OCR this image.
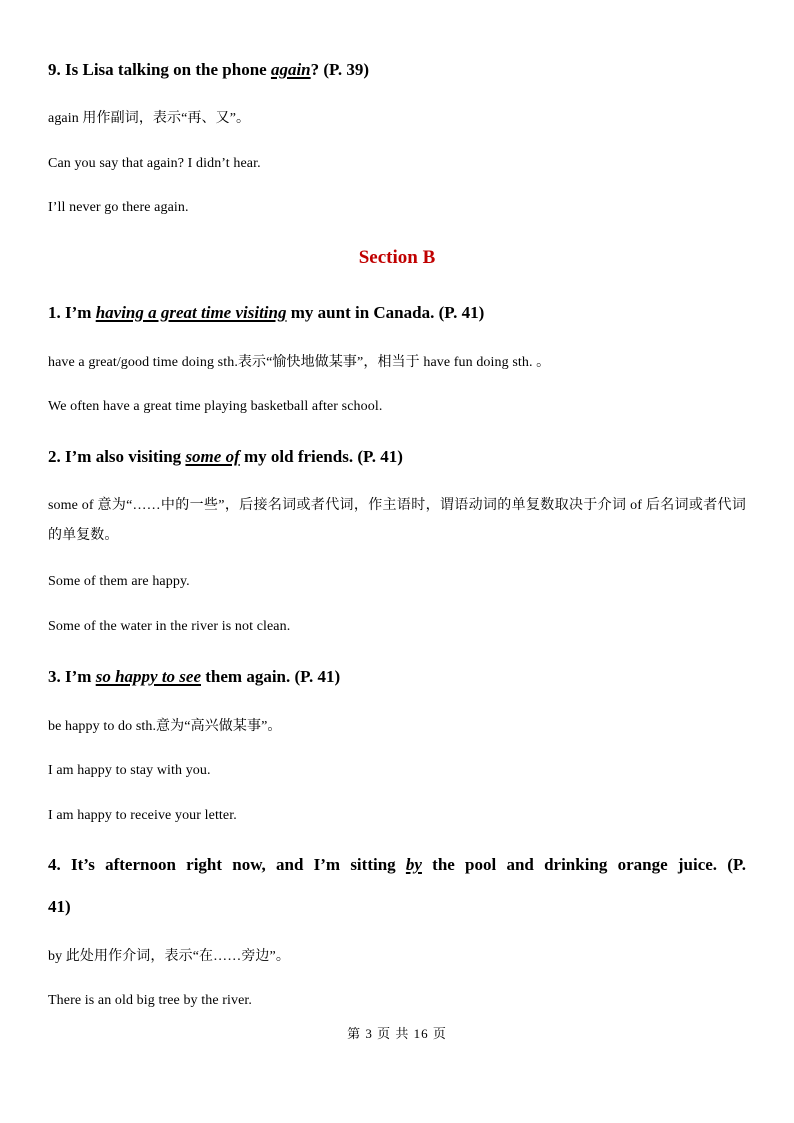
9. Is Lisa talking on the phone again? (P. 39)
again 用作副词，表示“再、又”。
Can you say that again? I didn’t hear.
I’ll never go there again.
Section B
1. I’m having a great time visiting my aunt in Canada. (P. 41)
have a great/good time doing sth.表示“愉快地做某事”，相当于 have fun doing sth. 。
We often have a great time playing basketball after school.
2. I’m also visiting some of my old friends. (P. 41)
some of 意为“……中的一些”，后接名词或者代词，作主语时，谓语动词的单复数取决于介词 of 后名词或者代词的单复数。
Some of them are happy.
Some of the water in the river is not clean.
3. I’m so happy to see them again. (P. 41)
be happy to do sth.意为“高兴做某事”。
I am happy to stay with you.
I am happy to receive your letter.
4. It’s afternoon right now, and I’m sitting by the pool and drinking orange juice. (P.
41)
by 此处用作介词，表示“在……旁边”。
There is an old big tree by the river.
第 3 页 共 16 页
